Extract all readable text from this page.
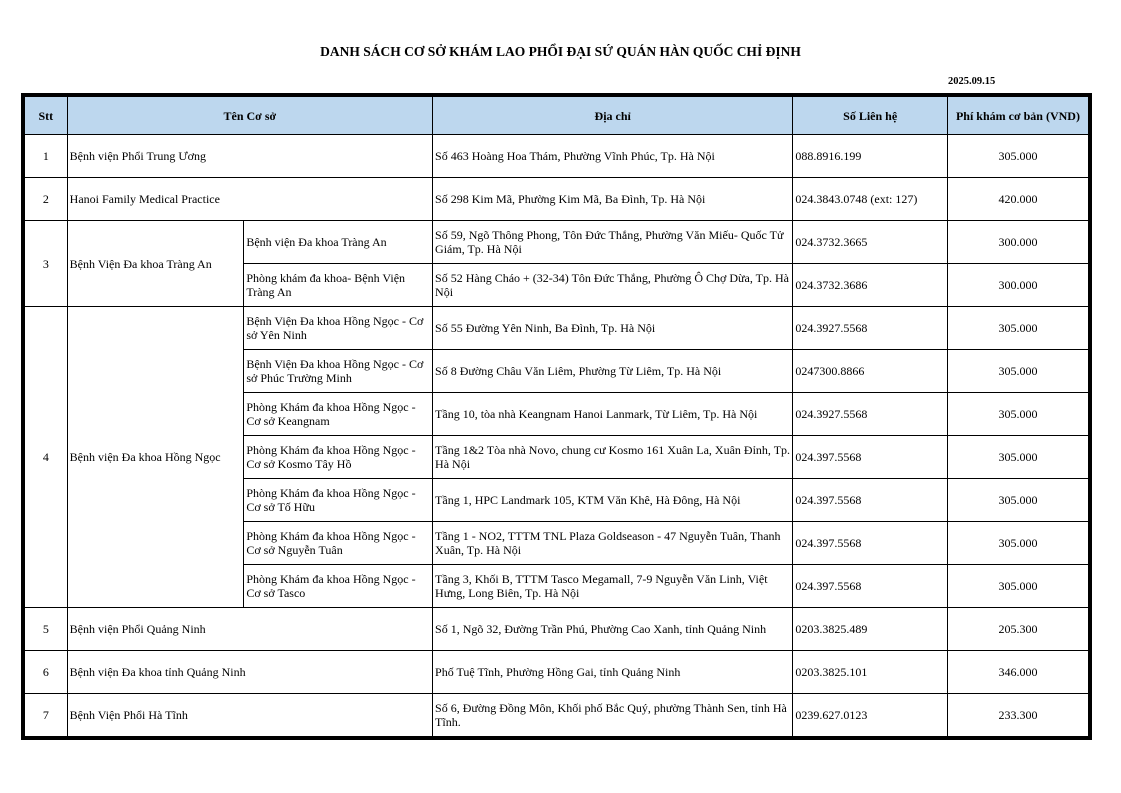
DANH SÁCH CƠ SỞ KHÁM LAO PHỔI ĐẠI SỨ QUÁN HÀN QUỐC CHỈ ĐỊNH
2025.09.15
Stt	Tên Cơ sở		Địa chỉ	Số Liên hệ	Phí khám cơ bản (VND)
1	Bệnh viện Phổi Trung Ương		Số 463 Hoàng Hoa Thám, Phường Vĩnh Phúc, Tp. Hà Nội	088.8916.199	305.000
2	Hanoi Family Medical Practice		Số 298 Kim Mã, Phường Kim Mã, Ba Đình, Tp. Hà Nội	024.3843.0748 (ext: 127)	420.000
3	Bệnh Viện Đa khoa Tràng An	Bệnh viện Đa khoa Tràng An	Số 59, Ngõ Thông Phong, Tôn Đức Thắng, Phường Văn Miếu- Quốc Tử Giám, Tp. Hà Nội	024.3732.3665	300.000
		Phòng khám đa khoa- Bệnh Viện Tràng An	Số 52 Hàng Cháo + (32-34) Tôn Đức Thắng, Phường Ô Chợ Dừa, Tp. Hà Nội	024.3732.3686	300.000
4	Bệnh viện Đa khoa Hồng Ngọc	Bệnh Viện Đa khoa Hồng Ngọc - Cơ sở Yên Ninh	Số 55 Đường Yên Ninh, Ba Đình, Tp. Hà Nội	024.3927.5568	305.000
		Bệnh Viện Đa khoa Hồng Ngọc - Cơ sở Phúc Trường Minh	Số 8 Đường Châu Văn Liêm, Phường Từ Liêm, Tp. Hà Nội	0247300.8866	305.000
		Phòng Khám đa khoa Hồng Ngọc - Cơ sở Keangnam	Tầng 10, tòa nhà Keangnam Hanoi Lanmark, Từ Liêm, Tp. Hà Nội	024.3927.5568	305.000
		Phòng Khám đa khoa Hồng Ngọc - Cơ sở Kosmo Tây Hồ	Tầng 1&2 Tòa nhà Novo, chung cư Kosmo 161 Xuân La, Xuân Đỉnh, Tp. Hà Nội	024.397.5568	305.000
		Phòng Khám đa khoa Hồng Ngọc - Cơ sở Tố Hữu	Tầng 1, HPC Landmark 105, KTM Văn Khê, Hà Đông, Hà Nội	024.397.5568	305.000
		Phòng Khám đa khoa Hồng Ngọc - Cơ sở Nguyễn Tuân	Tầng 1 - NO2, TTTM TNL Plaza Goldseason - 47 Nguyễn Tuân, Thanh Xuân, Tp. Hà Nội	024.397.5568	305.000
		Phòng Khám đa khoa Hồng Ngọc - Cơ sở Tasco	Tầng 3, Khối B, TTTM Tasco Megamall, 7-9 Nguyễn Văn Linh, Việt Hưng, Long Biên, Tp. Hà Nội	024.397.5568	305.000
5	Bệnh viện Phổi Quảng Ninh		Số 1, Ngõ 32, Đường Trần Phú, Phường Cao Xanh, tỉnh Quảng Ninh	0203.3825.489	205.300
6	Bệnh viện Đa khoa tỉnh Quảng Ninh		Phố Tuệ Tĩnh, Phường Hồng Gai, tỉnh Quảng Ninh	0203.3825.101	346.000
7	Bệnh Viện Phổi Hà Tĩnh		Số 6, Đường Đồng Môn, Khối phố Bắc Quý, phường Thành Sen, tỉnh Hà Tĩnh.	0239.627.0123	233.300
